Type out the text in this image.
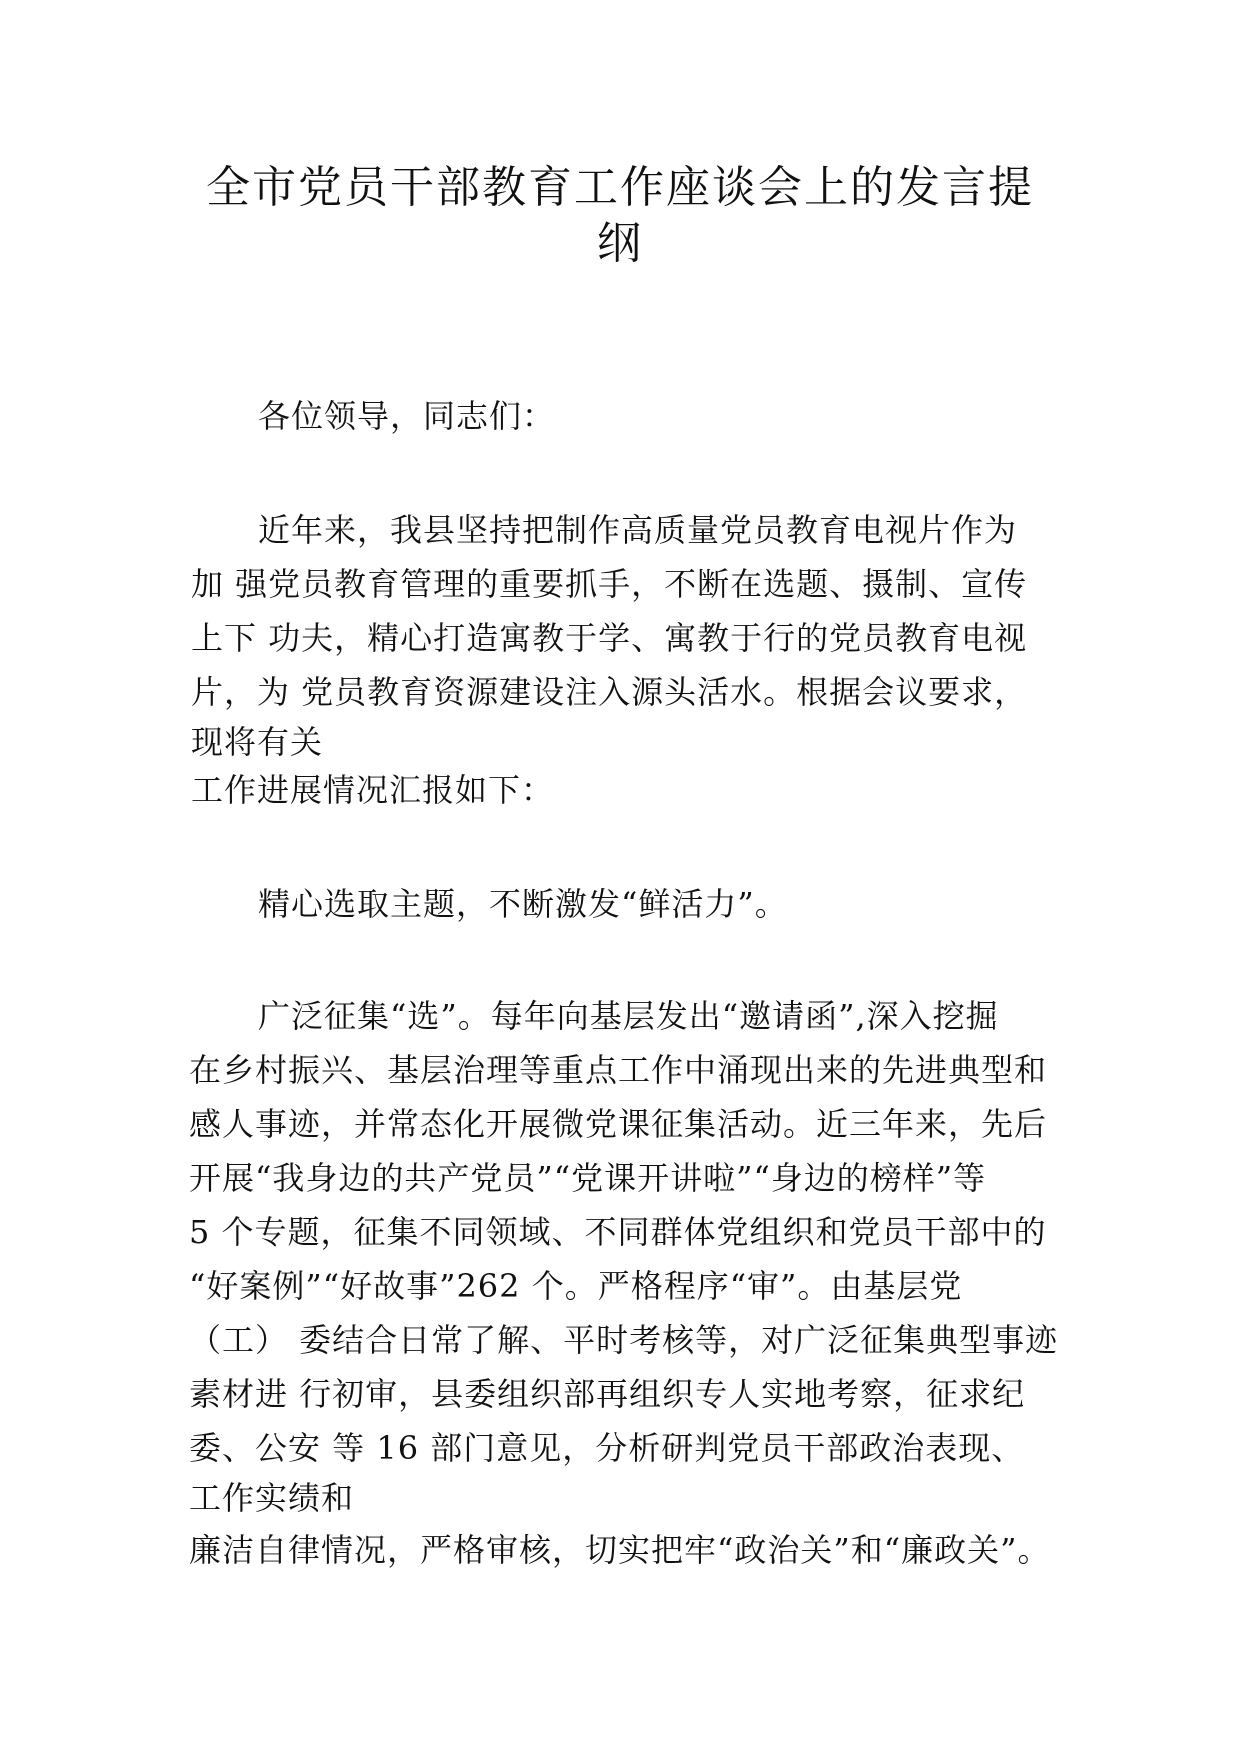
全市党员干部教育工作座谈会上的发言提
纲
各位领导，同志们：
近年来，我县坚持把制作高质量党员教育电视片作为
加 强党员教育管理的重要抓手，不断在选题、摄制、宣传
上下 功夫，精心打造寓教于学、寓教于行的党员教育电视
片，为 党员教育资源建设注入源头活水。根据会议要求，
现将有关
工作进展情况汇报如下：
精心选取主题，不断激发“鲜活力”。
广泛征集“选”。每年向基层发出“邀请函”,深入挖掘
在乡村振兴、基层治理等重点工作中涌现出来的先进典型和
感人事迹，并常态化开展微党课征集活动。近三年来，先后
开展“我身边的共产党员”“党课开讲啦”“身边的榜样”等
5 个专题，征集不同领域、不同群体党组织和党员干部中的
“好案例”“好故事”262 个。严格程序“审”。由基层党
（工） 委结合日常了解、平时考核等，对广泛征集典型事迹
素材进 行初审，县委组织部再组织专人实地考察，征求纪
委、公安 等 16 部门意见，分析研判党员干部政治表现、
工作实绩和
廉洁自律情况，严格审核，切实把牢“政治关”和“廉政关”。
